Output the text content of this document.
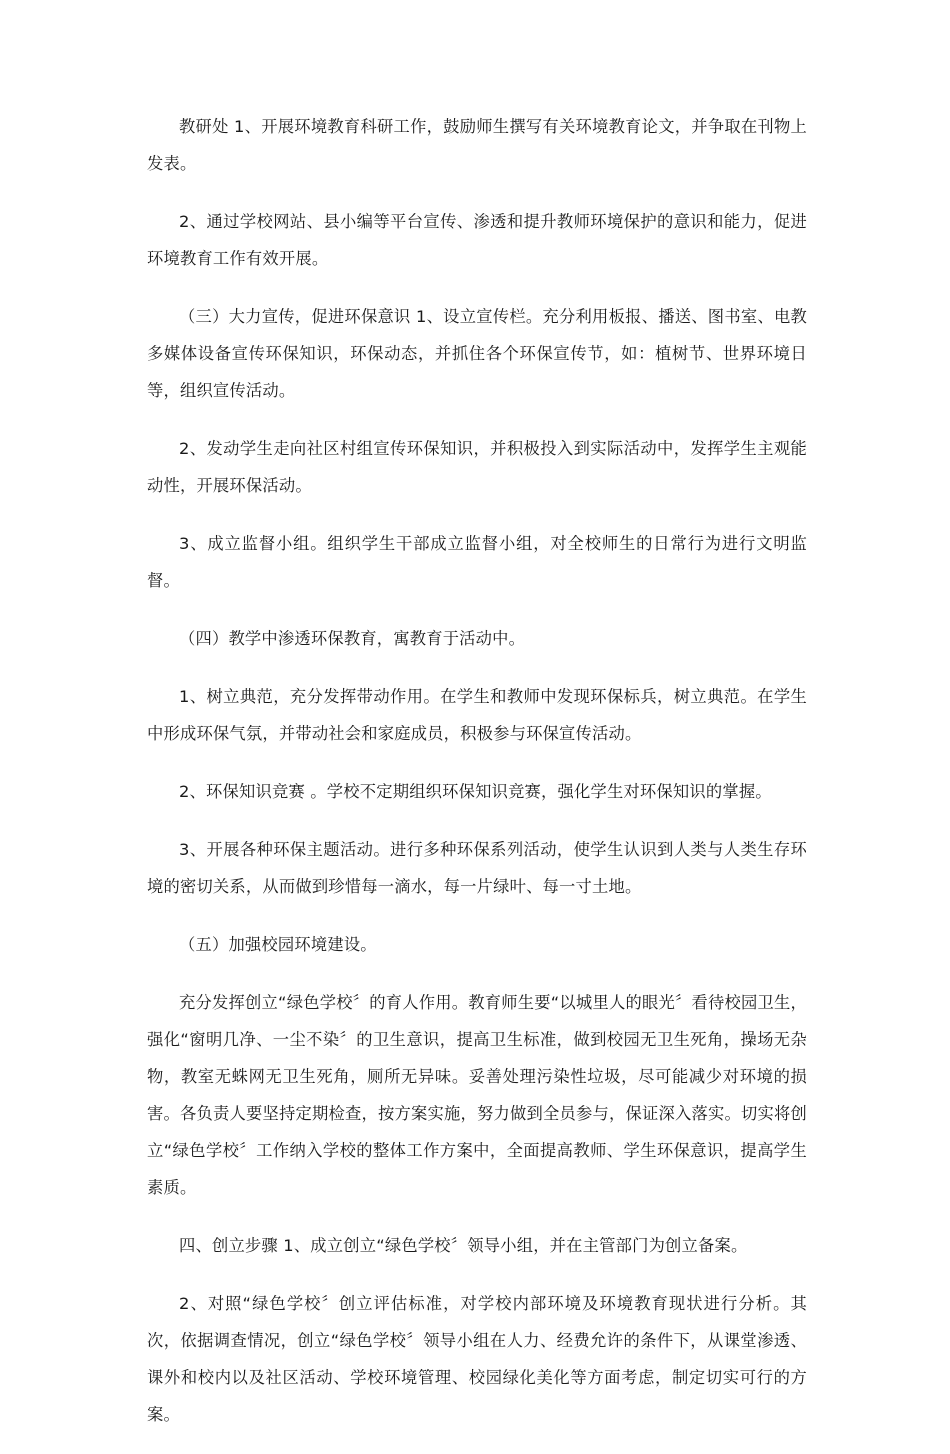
教研处 1、开展环境教育科研工作，鼓励师生撰写有关环境教育论文，并争取在刊物上发表。

2、通过学校网站、县小编等平台宣传、渗透和提升教师环境保护的意识和能力，促进环境教育工作有效开展。

（三）大力宣传，促进环保意识 1、设立宣传栏。充分利用板报、播送、图书室、电教多媒体设备宣传环保知识，环保动态，并抓住各个环保宣传节，如：植树节、世界环境日等，组织宣传活动。

2、发动学生走向社区村组宣传环保知识，并积极投入到实际活动中，发挥学生主观能动性，开展环保活动。

3、成立监督小组。组织学生干部成立监督小组，对全校师生的日常行为进行文明监督。

（四）教学中渗透环保教育，寓教育于活动中。

1、树立典范，充分发挥带动作用。在学生和教师中发现环保标兵，树立典范。在学生中形成环保气氛，并带动社会和家庭成员，积极参与环保宣传活动。

2、环保知识竞赛 。学校不定期组织环保知识竞赛，强化学生对环保知识的掌握。

3、开展各种环保主题活动。进行多种环保系列活动，使学生认识到人类与人类生存环境的密切关系，从而做到珍惜每一滴水，每一片绿叶、每一寸土地。

（五）加强校园环境建设。

充分发挥创立“绿色学校〞的育人作用。教育师生要“以城里人的眼光〞看待校园卫生，强化“窗明几净、一尘不染〞的卫生意识，提高卫生标准，做到校园无卫生死角，操场无杂物，教室无蛛网无卫生死角，厕所无异味。妥善处理污染性垃圾，尽可能减少对环境的损害。各负责人要坚持定期检查，按方案实施，努力做到全员参与，保证深入落实。切实将创立“绿色学校〞工作纳入学校的整体工作方案中，全面提高教师、学生环保意识，提高学生素质。

四、创立步骤 1、成立创立“绿色学校〞领导小组，并在主管部门为创立备案。

2、对照“绿色学校〞创立评估标准，对学校内部环境及环境教育现状进行分析。其次，依据调查情况，创立“绿色学校〞领导小组在人力、经费允许的条件下，从课堂渗透、课外和校内以及社区活动、学校环境管理、校园绿化美化等方面考虑，制定切实可行的方案。
